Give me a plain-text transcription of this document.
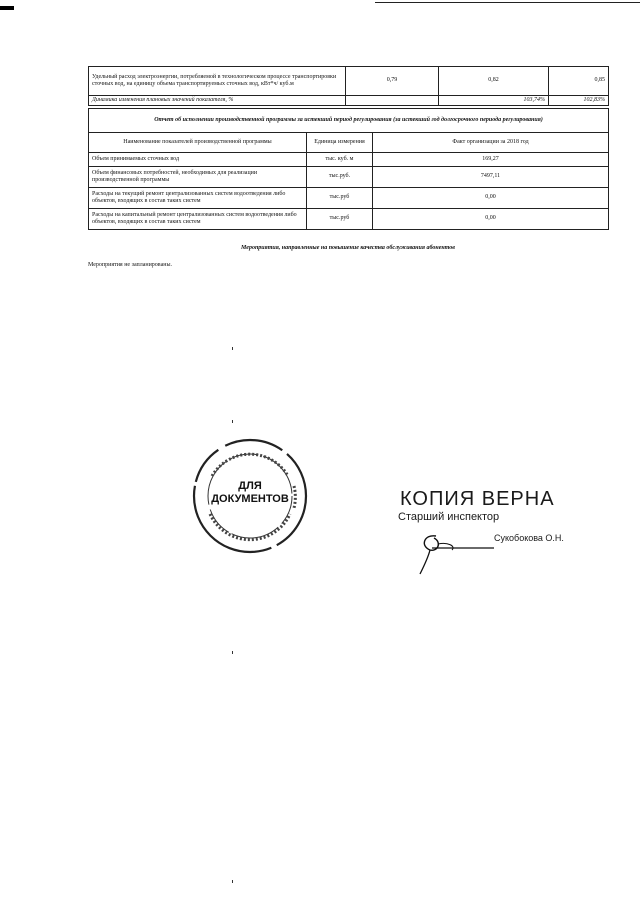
Удельный расход электроэнергии, потребляемой в технологическом процессе транспортировки сточных вод, на единицу объема транспортируемых сточных вод, кВт*ч/ куб.м	0,79	0,82	0,85
Динамика изменения плановых значений показателя, %		103,74%	102,83%
Отчет об исполнении производственной программы за истекший период регулирования (за истекший год долгосрочного периода регулирования)		
Наименование показателей производственной программы	Единица измерения	Факт организации за 2018 год
Объем принимаемых сточных вод	тыс. куб. м	169,27
Объем финансовых потребностей, необходимых для реализации производственной программы	тыс.руб.	7497,11
Расходы на текущий ремонт централизованных систем водоотведения либо объектов, входящих в состав таких систем	тыс.руб	0,00
Расходы на капитальный ремонт централизованных систем водоотведения либо объектов, входящих в состав таких систем	тыс.руб	0,00
Мероприятия, направленные на повышение качества обслуживания абонентов
Мероприятия не запланированы.
ДЛЯ
ДОКУМЕНТОВ	КОПИЯ ВЕРНА
Старший инспектор
Сукобокова О.Н.
